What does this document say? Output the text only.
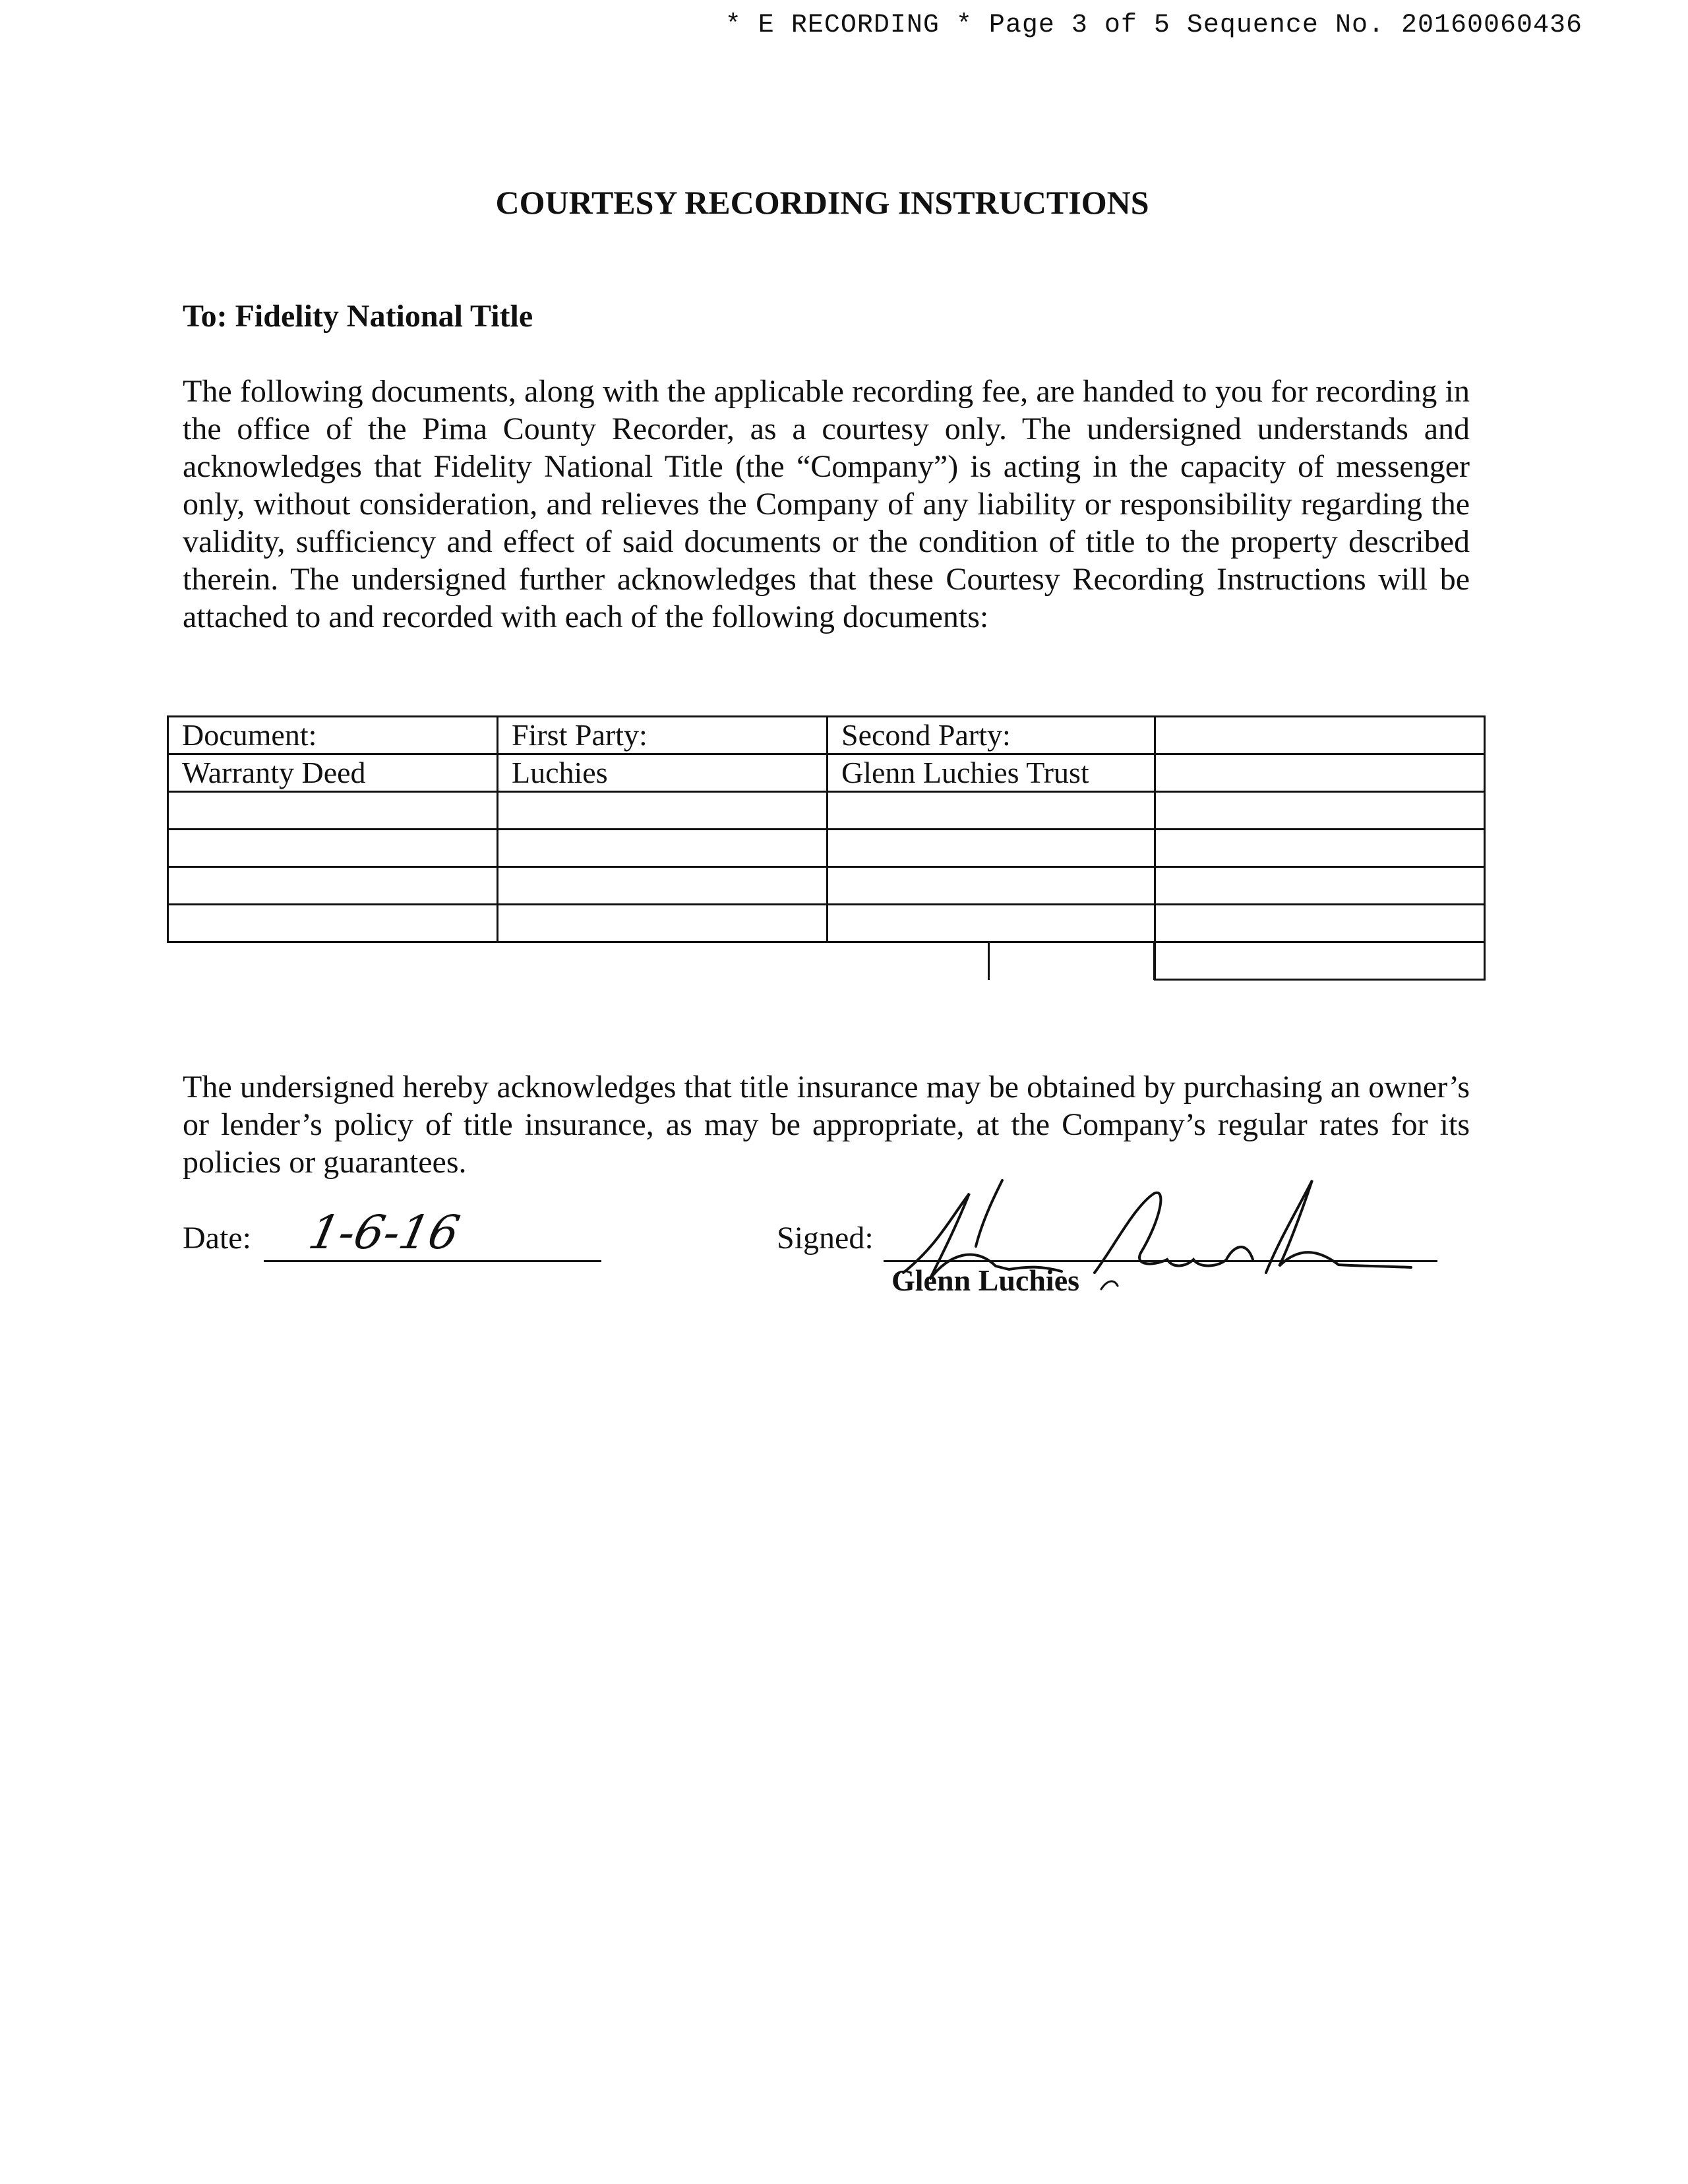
* E RECORDING * Page 3 of 5 Sequence No. 20160060436
COURTESY RECORDING INSTRUCTIONS
To: Fidelity National Title
The following documents, along with the applicable recording fee, are handed to you for recording in the office of the Pima County Recorder, as a courtesy only. The undersigned understands and acknowledges that Fidelity National Title (the “Company”) is acting in the capacity of messenger only, without consideration, and relieves the Company of any liability or responsibility regarding the validity, sufficiency and effect of said documents or the condition of title to the property described therein. The undersigned further acknowledges that these Courtesy Recording Instructions will be attached to and recorded with each of the following documents:
Document:	First Party:	Second Party:	
Warranty Deed	Luchies	Glenn Luchies Trust	

The undersigned hereby acknowledges that title insurance may be obtained by purchasing an owner’s or lender’s policy of title insurance, as may be appropriate, at the Company’s regular rates for its policies or guarantees.
Date: 1-6-16	Signed:
Glenn Luchies
